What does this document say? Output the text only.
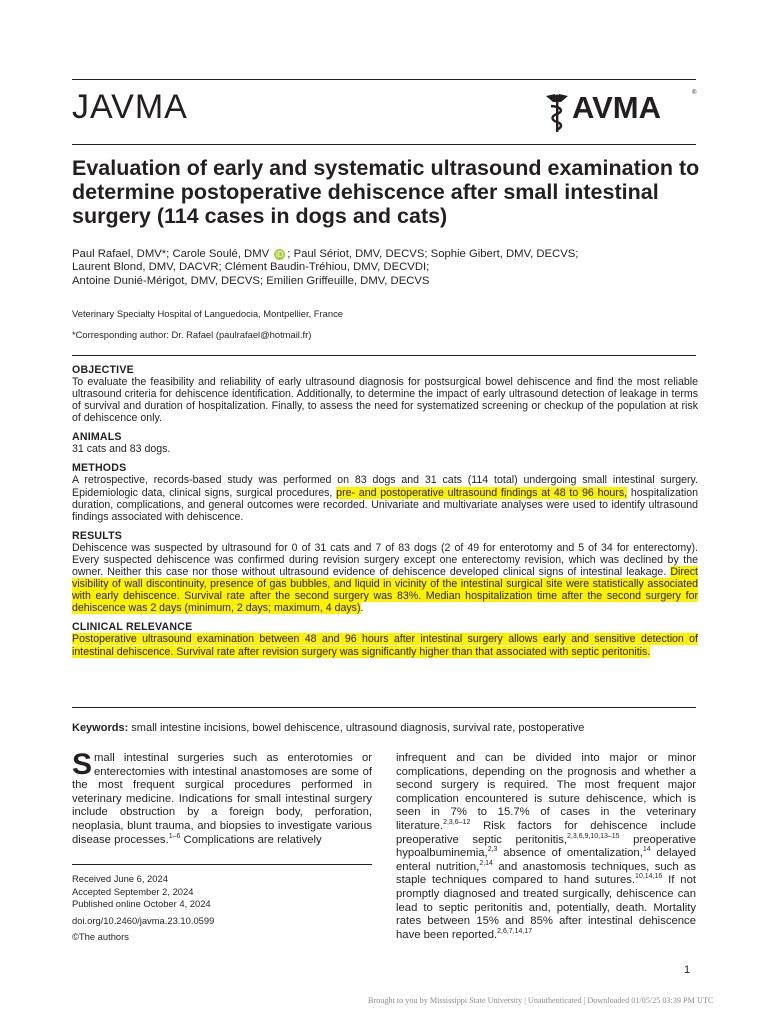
JAVMA	AVMA	®
Evaluation of early and systematic ultrasound examination to determine postoperative dehiscence after small intestinal surgery (114 cases in dogs and cats)
Paul Rafael, DMV*; Carole Soulé, DMV iD ; Paul Sériot, DMV, DECVS; Sophie Gibert, DMV, DECVS;
Laurent Blond, DMV, DACVR; Clément Baudin-Tréhiou, DMV, DECVDI;
Antoine Dunié-Mérigot, DMV, DECVS; Emilien Griffeuille, DMV, DECVS
Veterinary Specialty Hospital of Languedocia, Montpellier, France
*Corresponding author: Dr. Rafael (paulrafael@hotmail.fr)
OBJECTIVE

To evaluate the feasibility and reliability of early ultrasound diagnosis for postsurgical bowel dehiscence and find the most reliable ultrasound criteria for dehiscence identification. Additionally, to determine the impact of early ultrasound detection of leakage in terms of survival and duration of hospitalization. Finally, to assess the need for systematized screening or checkup of the population at risk of dehiscence only.

ANIMALS

31 cats and 83 dogs.

METHODS

A retrospective, records-based study was performed on 83 dogs and 31 cats (114 total) undergoing small intestinal surgery. Epidemiologic data, clinical signs, surgical procedures, pre- and postoperative ultrasound findings at 48 to 96 hours, hospitalization duration, complications, and general outcomes were recorded. Univariate and multivariate analyses were used to identify ultrasound findings associated with dehiscence.

RESULTS

Dehiscence was suspected by ultrasound for 0 of 31 cats and 7 of 83 dogs (2 of 49 for enterotomy and 5 of 34 for enterectomy). Every suspected dehiscence was confirmed during revision surgery except one enterectomy revision, which was declined by the owner. Neither this case nor those without ultrasound evidence of dehiscence developed clinical signs of intestinal leakage. Direct visibility of wall discontinuity, presence of gas bubbles, and liquid in vicinity of the intestinal surgical site were statistically associated with early dehiscence. Survival rate after the second surgery was 83%. Median hospitalization time after the second surgery for dehiscence was 2 days (minimum, 2 days; maximum, 4 days).

CLINICAL RELEVANCE

Postoperative ultrasound examination between 48 and 96 hours after intestinal surgery allows early and sensitive detection of intestinal dehiscence. Survival rate after revision surgery was significantly higher than that associated with septic peritonitis.

Keywords: small intestine incisions, bowel dehiscence, ultrasound diagnosis, survival rate, postoperative
Small intestinal surgeries such as enterotomies or enterectomies with intestinal anastomoses are some of the most frequent surgical procedures performed in veterinary medicine. Indications for small intestinal surgery include obstruction by a foreign body, perforation, neoplasia, blunt trauma, and biopsies to investigate various disease processes.$^{1-6}$ Complications are relatively
Received June 6, 2024
Accepted September 2, 2024
Published online October 4, 2024
doi.org/10.2460/javma.23.10.0599
©The authors
infrequent and can be divided into major or minor complications, depending on the prognosis and whether a second surgery is required. The most frequent major complication encountered is suture dehiscence, which is seen in 7% to 15.7% of cases in the veterinary literature.$^{2,3,6-12}$ Risk factors for dehiscence include preoperative septic peritonitis,$^{2,3,6,9,10,13-15}$ preoperative hypoalbuminemia,$^{2,3}$ absence of omentalization,$^{14}$ delayed enteral nutrition,$^{2,14}$ and anastomosis techniques, such as staple techniques compared to hand sutures.$^{10,14,16}$ If not promptly diagnosed and treated surgically, dehiscence can lead to septic peritonitis and, potentially, death. Mortality rates between 15% and 85% after intestinal dehiscence have been reported.$^{2,6,7,14,17}$
1
Brought to you by Mississippi State University | Unauthenticated | Downloaded 01/05/25 03:39 PM UTC
